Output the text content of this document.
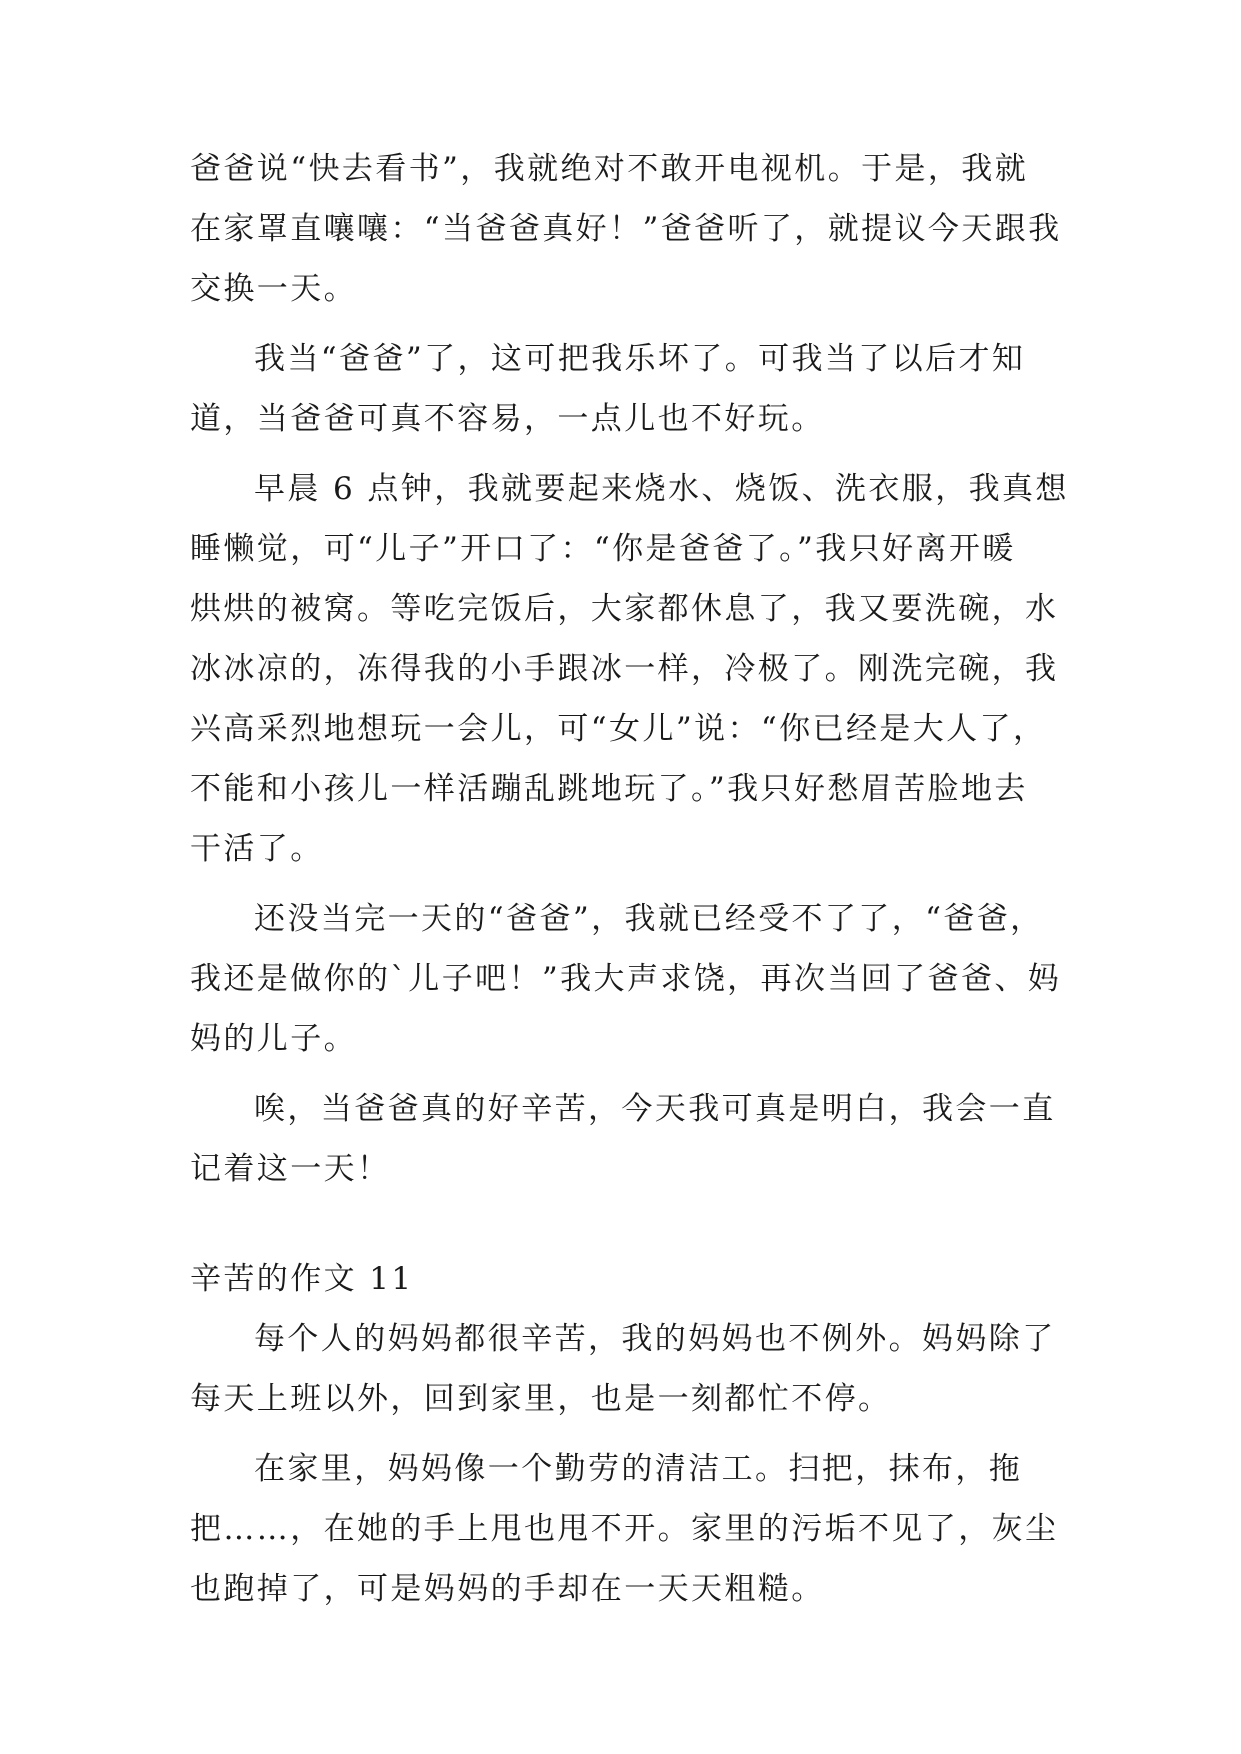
爸爸说“快去看书”，我就绝对不敢开电视机。于是，我就
在家罩直嚷嚷：“当爸爸真好！”爸爸听了，就提议今天跟我
交换一天。
我当“爸爸”了，这可把我乐坏了。可我当了以后才知
道，当爸爸可真不容易，一点儿也不好玩。
早晨 6 点钟，我就要起来烧水、烧饭、洗衣服，我真想
睡懒觉，可“儿子”开口了：“你是爸爸了。”我只好离开暖
烘烘的被窝。等吃完饭后，大家都休息了，我又要洗碗，水
冰冰凉的，冻得我的小手跟冰一样，冷极了。刚洗完碗，我
兴高采烈地想玩一会儿，可“女儿”说：“你已经是大人了，
不能和小孩儿一样活蹦乱跳地玩了。”我只好愁眉苦脸地去
干活了。
还没当完一天的“爸爸”，我就已经受不了了，“爸爸，
我还是做你的`儿子吧！”我大声求饶，再次当回了爸爸、妈
妈的儿子。
唉，当爸爸真的好辛苦，今天我可真是明白，我会一直
记着这一天！
辛苦的作文 11
每个人的妈妈都很辛苦，我的妈妈也不例外。妈妈除了
每天上班以外，回到家里，也是一刻都忙不停。
在家里，妈妈像一个勤劳的清洁工。扫把，抹布，拖
把……，在她的手上甩也甩不开。家里的污垢不见了，灰尘
也跑掉了，可是妈妈的手却在一天天粗糙。
